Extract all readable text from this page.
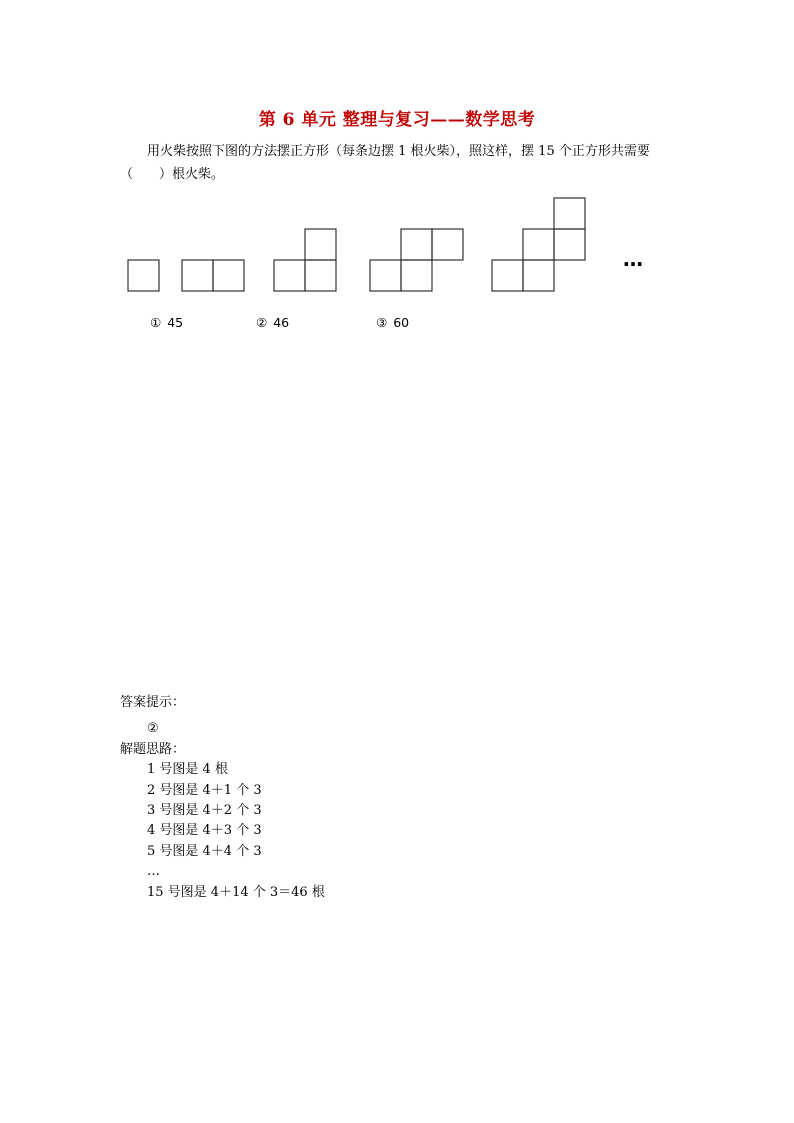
第 6 单元 整理与复习——数学思考
用火柴按照下图的方法摆正方形（每条边摆 1 根火柴），照这样，摆 15 个正方形共需要
（　　）根火柴。
…
① 45	② 46	③ 60
答案提示：
②
解题思路：
1 号图是 4 根
2 号图是 4＋1 个 3
3 号图是 4＋2 个 3
4 号图是 4＋3 个 3
5 号图是 4＋4 个 3
…
15 号图是 4＋14 个 3＝46 根
